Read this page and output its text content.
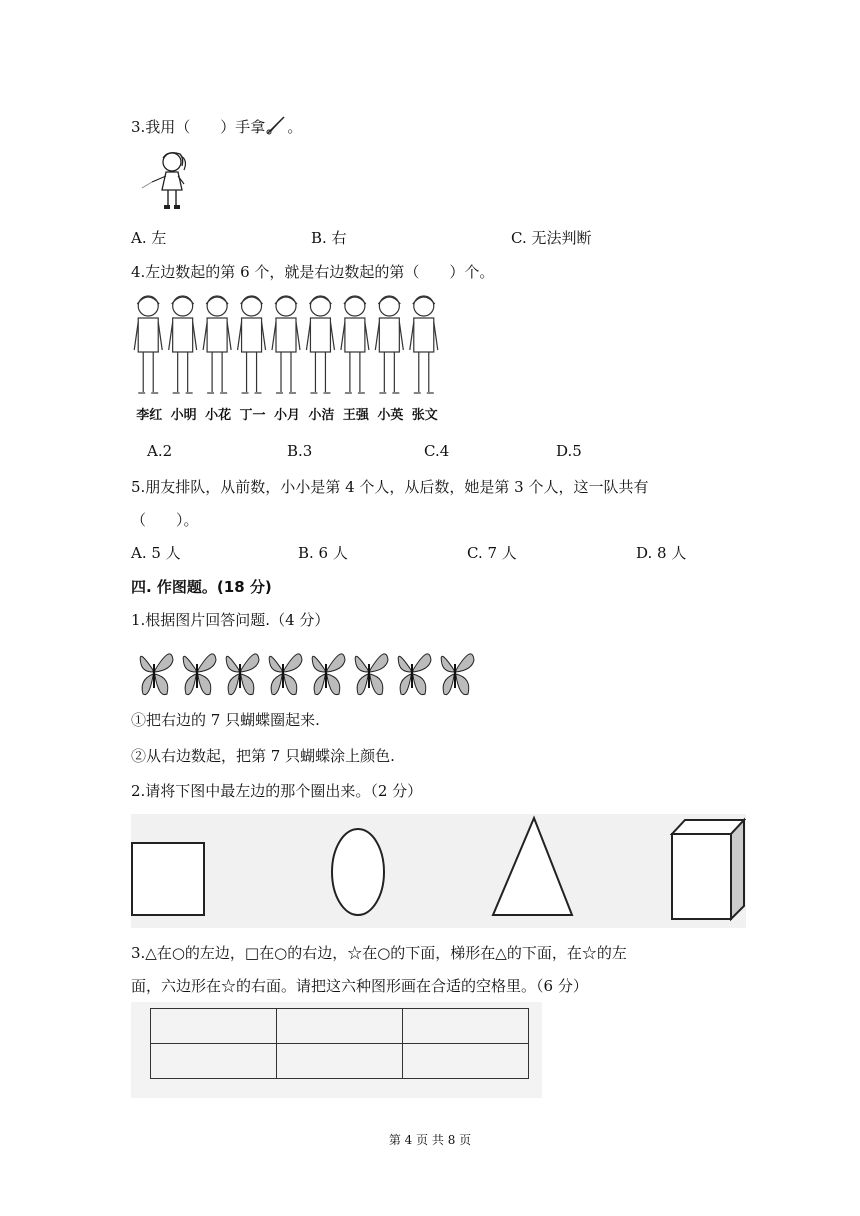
3.我用（　　）手拿 。
A. 左	B. 右	C. 无法判断
4.左边数起的第 6 个，就是右边数起的第（　　）个。
李红 小明 小花 丁一 小月 小洁 王强 小英 张文
A.2	B.3	C.4	D.5
5.朋友排队，从前数，小小是第 4 个人，从后数，她是第 3 个人，这一队共有
（　　）。
A. 5 人	B. 6 人	C. 7 人	D. 8 人
四. 作图题。(18 分)
1.根据图片回答问题.（4 分）
①把右边的 7 只蝴蝶圈起来.
②从右边数起，把第 7 只蝴蝶涂上颜色.
2.请将下图中最左边的那个圈出来。（2 分）
3.△在○的左边，□在○的右边，☆在○的下面，梯形在△的下面，在☆的左
面，六边形在☆的右面。请把这六种图形画在合适的空格里。（6 分）

第 4 页 共 8 页
